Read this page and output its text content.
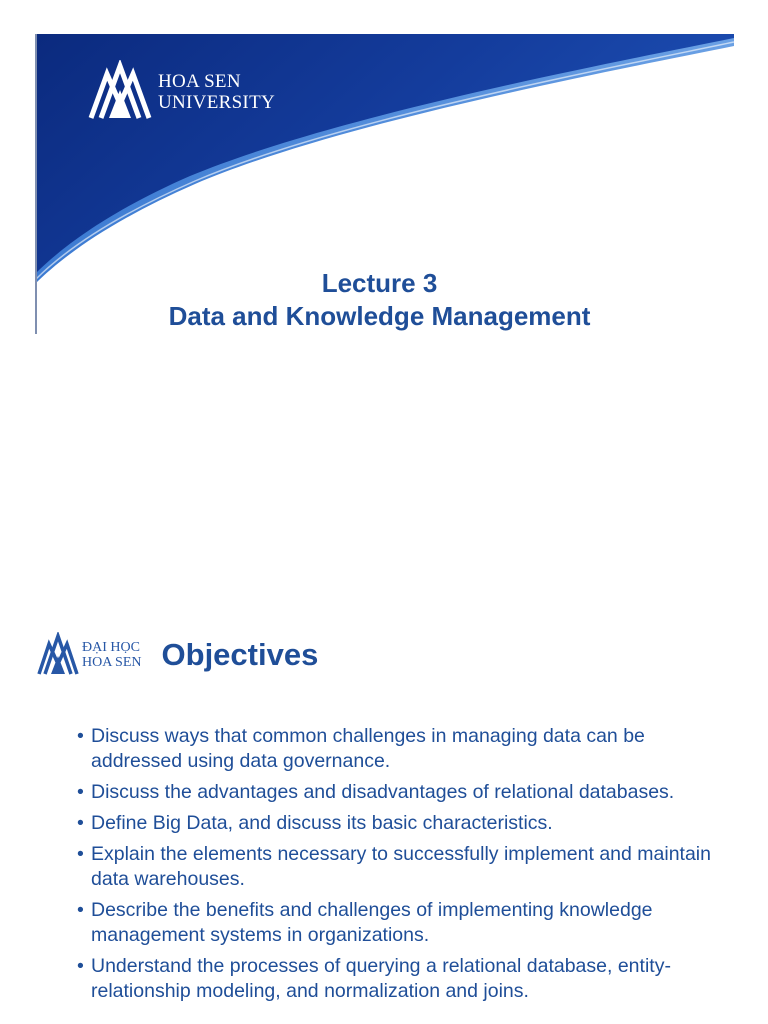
HOA SEN
UNIVERSITY
Lecture 3
Data and Knowledge Management
ĐẠI HỌC
HOA SEN Objectives
• Discuss ways that common challenges in managing data can be addressed using data governance.
• Discuss the advantages and disadvantages of relational databases.
• Define Big Data, and discuss its basic characteristics.
• Explain the elements necessary to successfully implement and maintain data warehouses.
• Describe the benefits and challenges of implementing knowledge management systems in organizations.
• Understand the processes of querying a relational database, entity-relationship modeling, and normalization and joins.
